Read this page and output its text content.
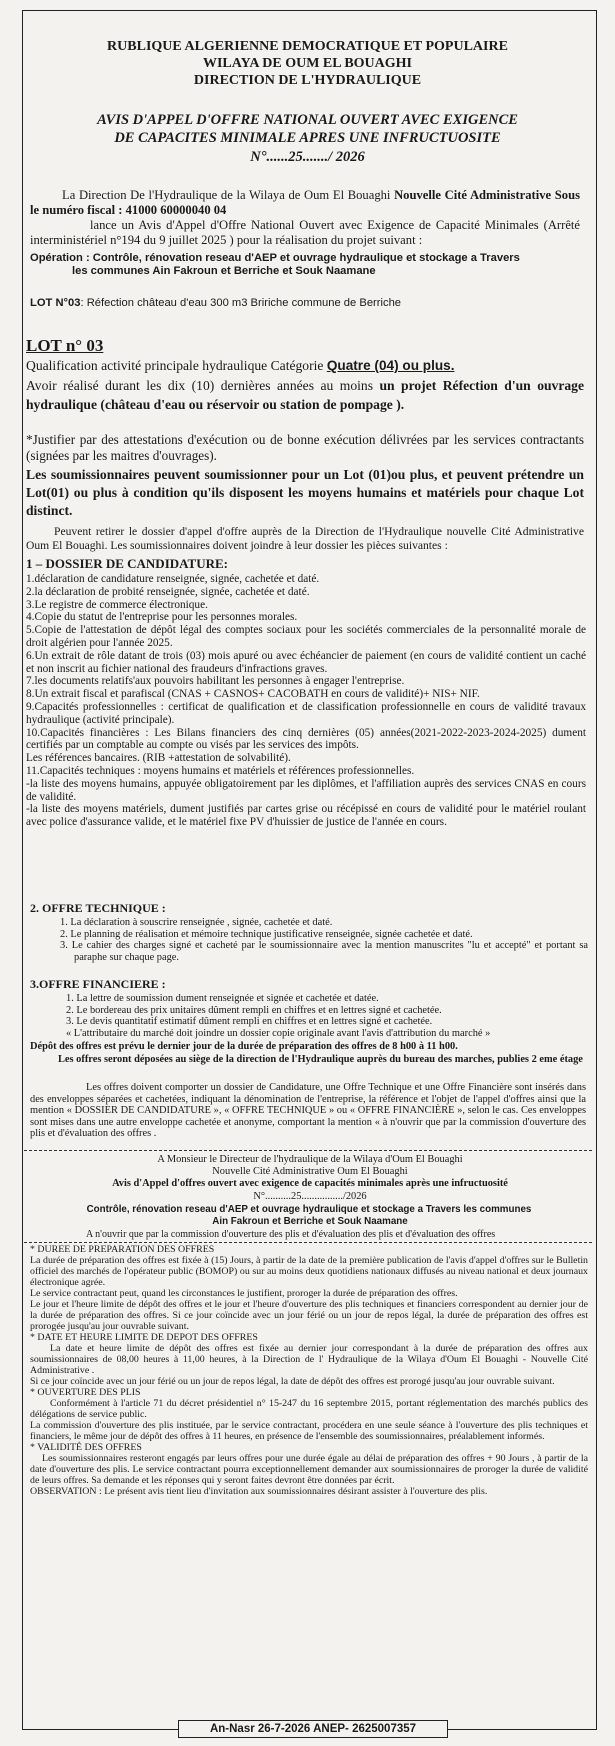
RUBLIQUE ALGERIENNE DEMOCRATIQUE ET POPULAIRE
WILAYA DE OUM EL BOUAGHI
DIRECTION DE L'HYDRAULIQUE
AVIS D'APPEL D'OFFRE NATIONAL OUVERT AVEC EXIGENCE
DE CAPACITES MINIMALE APRES UNE INFRUCTUOSITE
N°......25......./ 2026
La Direction De l'Hydraulique de la Wilaya de Oum El Bouaghi Nouvelle Cité Administrative Sous le numéro fiscal : 41000 60000040 04
lance un Avis d'Appel d'Offre National Ouvert avec Exigence de Capacité Minimales (Arrêté interministériel n°194 du 9 juillet 2025 ) pour la réalisation du projet suivant :
Opération : Contrôle, rénovation reseau d'AEP et ouvrage hydraulique et stockage a Travers
les communes Ain Fakroun et Berriche et Souk Naamane
LOT N°03: Réfection château d'eau 300 m3 Bririche commune de Berriche
LOT n° 03
Qualification activité principale hydraulique Catégorie Quatre (04) ou plus.
Avoir réalisé durant les dix (10) dernières années au moins un projet Réfection d'un ouvrage hydraulique (château d'eau ou réservoir ou station de pompage ).
*Justifier par des attestations d'exécution ou de bonne exécution délivrées par les services contractants (signées par les maitres d'ouvrages).
Les soumissionnaires peuvent soumissionner pour un Lot (01)ou plus, et peuvent prétendre un Lot(01) ou plus à condition qu'ils disposent les moyens humains et matériels pour chaque Lot distinct.
Peuvent retirer le dossier d'appel d'offre auprès de la Direction de l'Hydraulique nouvelle Cité Administrative Oum El Bouaghi. Les soumissionnaires doivent joindre à leur dossier les pièces suivantes :
1 – DOSSIER DE CANDIDATURE:
1.déclaration de candidature renseignée, signée, cachetée et daté.
2.la déclaration de probité renseignée, signée, cachetée et daté.
3.Le registre de commerce électronique.
4.Copie du statut de l'entreprise pour les personnes morales.
5.Copie de l'attestation de dépôt légal des comptes sociaux pour les sociétés commerciales de la personnalité morale de droit algérien pour l'année 2025.
6.Un extrait de rôle datant de trois (03) mois apuré ou avec échéancier de paiement (en cours de validité contient un caché et non inscrit au fichier national des fraudeurs d'infractions graves.
7.les documents relatifs'aux pouvoirs habilitant les personnes à engager l'entreprise.
8.Un extrait fiscal et parafiscal (CNAS + CASNOS+ CACOBATH en cours de validité)+ NIS+ NIF.
9.Capacités professionnelles : certificat de qualification et de classification professionnelle en cours de validité travaux hydraulique (activité principale).
10.Capacités financières : Les Bilans financiers des cinq dernières (05) années(2021-2022-2023-2024-2025) dument certifiés par un comptable au compte ou visés par les services des impôts.
Les références bancaires. (RIB +attestation de solvabilité).
11.Capacités techniques : moyens humains et matériels et références professionnelles.
-la liste des moyens humains, appuyée obligatoirement par les diplômes, et l'affiliation auprès des services CNAS en cours de validité.
-la liste des moyens matériels, dument justifiés par cartes grise ou récépissé en cours de validité pour le matériel roulant avec police d'assurance valide, et le matériel fixe PV d'huissier de justice de l'année en cours.
2. OFFRE TECHNIQUE :
1. La déclaration à souscrire renseignée , signée, cachetée et daté.
2. Le planning de réalisation et mémoire technique justificative renseignée, signée cachetée et daté.
3. Le cahier des charges signé et cacheté par le soumissionnaire avec la mention manuscrites "lu et accepté" et portant sa paraphe sur chaque page.
3.OFFRE FINANCIERE :
1. La lettre de soumission dument renseignée et signée et cachetée et datée.
2. Le bordereau des prix unitaires dûment rempli en chiffres et en lettres signé et cachetée.
3. Le devis quantitatif estimatif dûment rempli en chiffres et en lettres signé et cachetée.
« L'attributaire du marché doit joindre un dossier copie originale avant l'avis d'attribution du marché »
Dépôt des offres est prévu le dernier jour de la durée de préparation des offres de 8 h00 à 11 h00.
Les offres seront déposées au siège de la direction de l'Hydraulique auprès du bureau des marches, publies 2 eme étage
Les offres doivent comporter un dossier de Candidature, une Offre Technique et une Offre Financière sont insérés dans des enveloppes séparées et cachetées, indiquant la dénomination de l'entreprise, la référence et l'objet de l'appel d'offres ainsi que la mention « DOSSIER DE CANDIDATURE », « OFFRE TECHNIQUE » ou « OFFRE FINANCIÈRE », selon le cas. Ces enveloppes sont mises dans une autre enveloppe cachetée et anonyme, comportant la mention « à n'ouvrir que par la commission d'ouverture des plis et d'évaluation des offres .
A Monsieur le Directeur de l'hydraulique de la Wilaya d'Oum El Bouaghi
Nouvelle Cité Administrative Oum El Bouaghi
Avis d'Appel d'offres ouvert avec exigence de capacités minimales après une infructuosité
N°..........25................/2026
Contrôle, rénovation reseau d'AEP et ouvrage hydraulique et stockage a Travers les communes
Ain Fakroun et Berriche et Souk Naamane
A n'ouvrir que par la commission d'ouverture des plis et d'évaluation des plis et d'évaluation des offres
* DUREE DE PREPARATION DES OFFRES
La durée de préparation des offres est fixée à (15) Jours, à partir de la date de la première publication de l'avis d'appel d'offres sur le Bulletin officiel des marchés de l'opérateur public (BOMOP) ou sur au moins deux quotidiens nationaux diffusés au niveau national et deux journaux électronique agrée.
Le service contractant peut, quand les circonstances le justifient, proroger la durée de préparation des offres.
Le jour et l'heure limite de dépôt des offres et le jour et l'heure d'ouverture des plis techniques et financiers correspondent au dernier jour de la durée de préparation des offres. Si ce jour coïncide avec un jour férié ou un jour de repos légal, la durée de préparation des offres est prorogée jusqu'au jour ouvrable suivant.
* DATE ET HEURE LIMITE DE DEPOT DES OFFRES
La date et heure limite de dépôt des offres est fixée au dernier jour correspondant à la durée de préparation des offres aux soumissionnaires de 08,00 heures à 11,00 heures, à la Direction de l' Hydraulique de la Wilaya d'Oum El Bouaghi - Nouvelle Cité Administrative .
Si ce jour coïncide avec un jour férié ou un jour de repos légal, la date de dépôt des offres est prorogé jusqu'au jour ouvrable suivant.
* OUVERTURE DES PLIS
Conformément à l'article 71 du décret présidentiel n° 15-247 du 16 septembre 2015, portant réglementation des marchés publics des délégations de service public.
La commission d'ouverture des plis instituée, par le service contractant, procédera en une seule séance à l'ouverture des plis techniques et financiers, le même jour de dépôt des offres à 11 heures, en présence de l'ensemble des soumissionnaires, préalablement informés.
* VALIDITÉ DES OFFRES
Les soumissionnaires resteront engagés par leurs offres pour une durée égale au délai de préparation des offres + 90 Jours , à partir de la date d'ouverture des plis. Le service contractant pourra exceptionnellement demander aux soumissionnaires de proroger la durée de validité de leurs offres. Sa demande et les réponses qui y seront faites devront être données par écrit.
OBSERVATION : Le présent avis tient lieu d'invitation aux soumissionnaires désirant assister à l'ouverture des plis.
An-Nasr 26-7-2026 ANEP- 2625007357
